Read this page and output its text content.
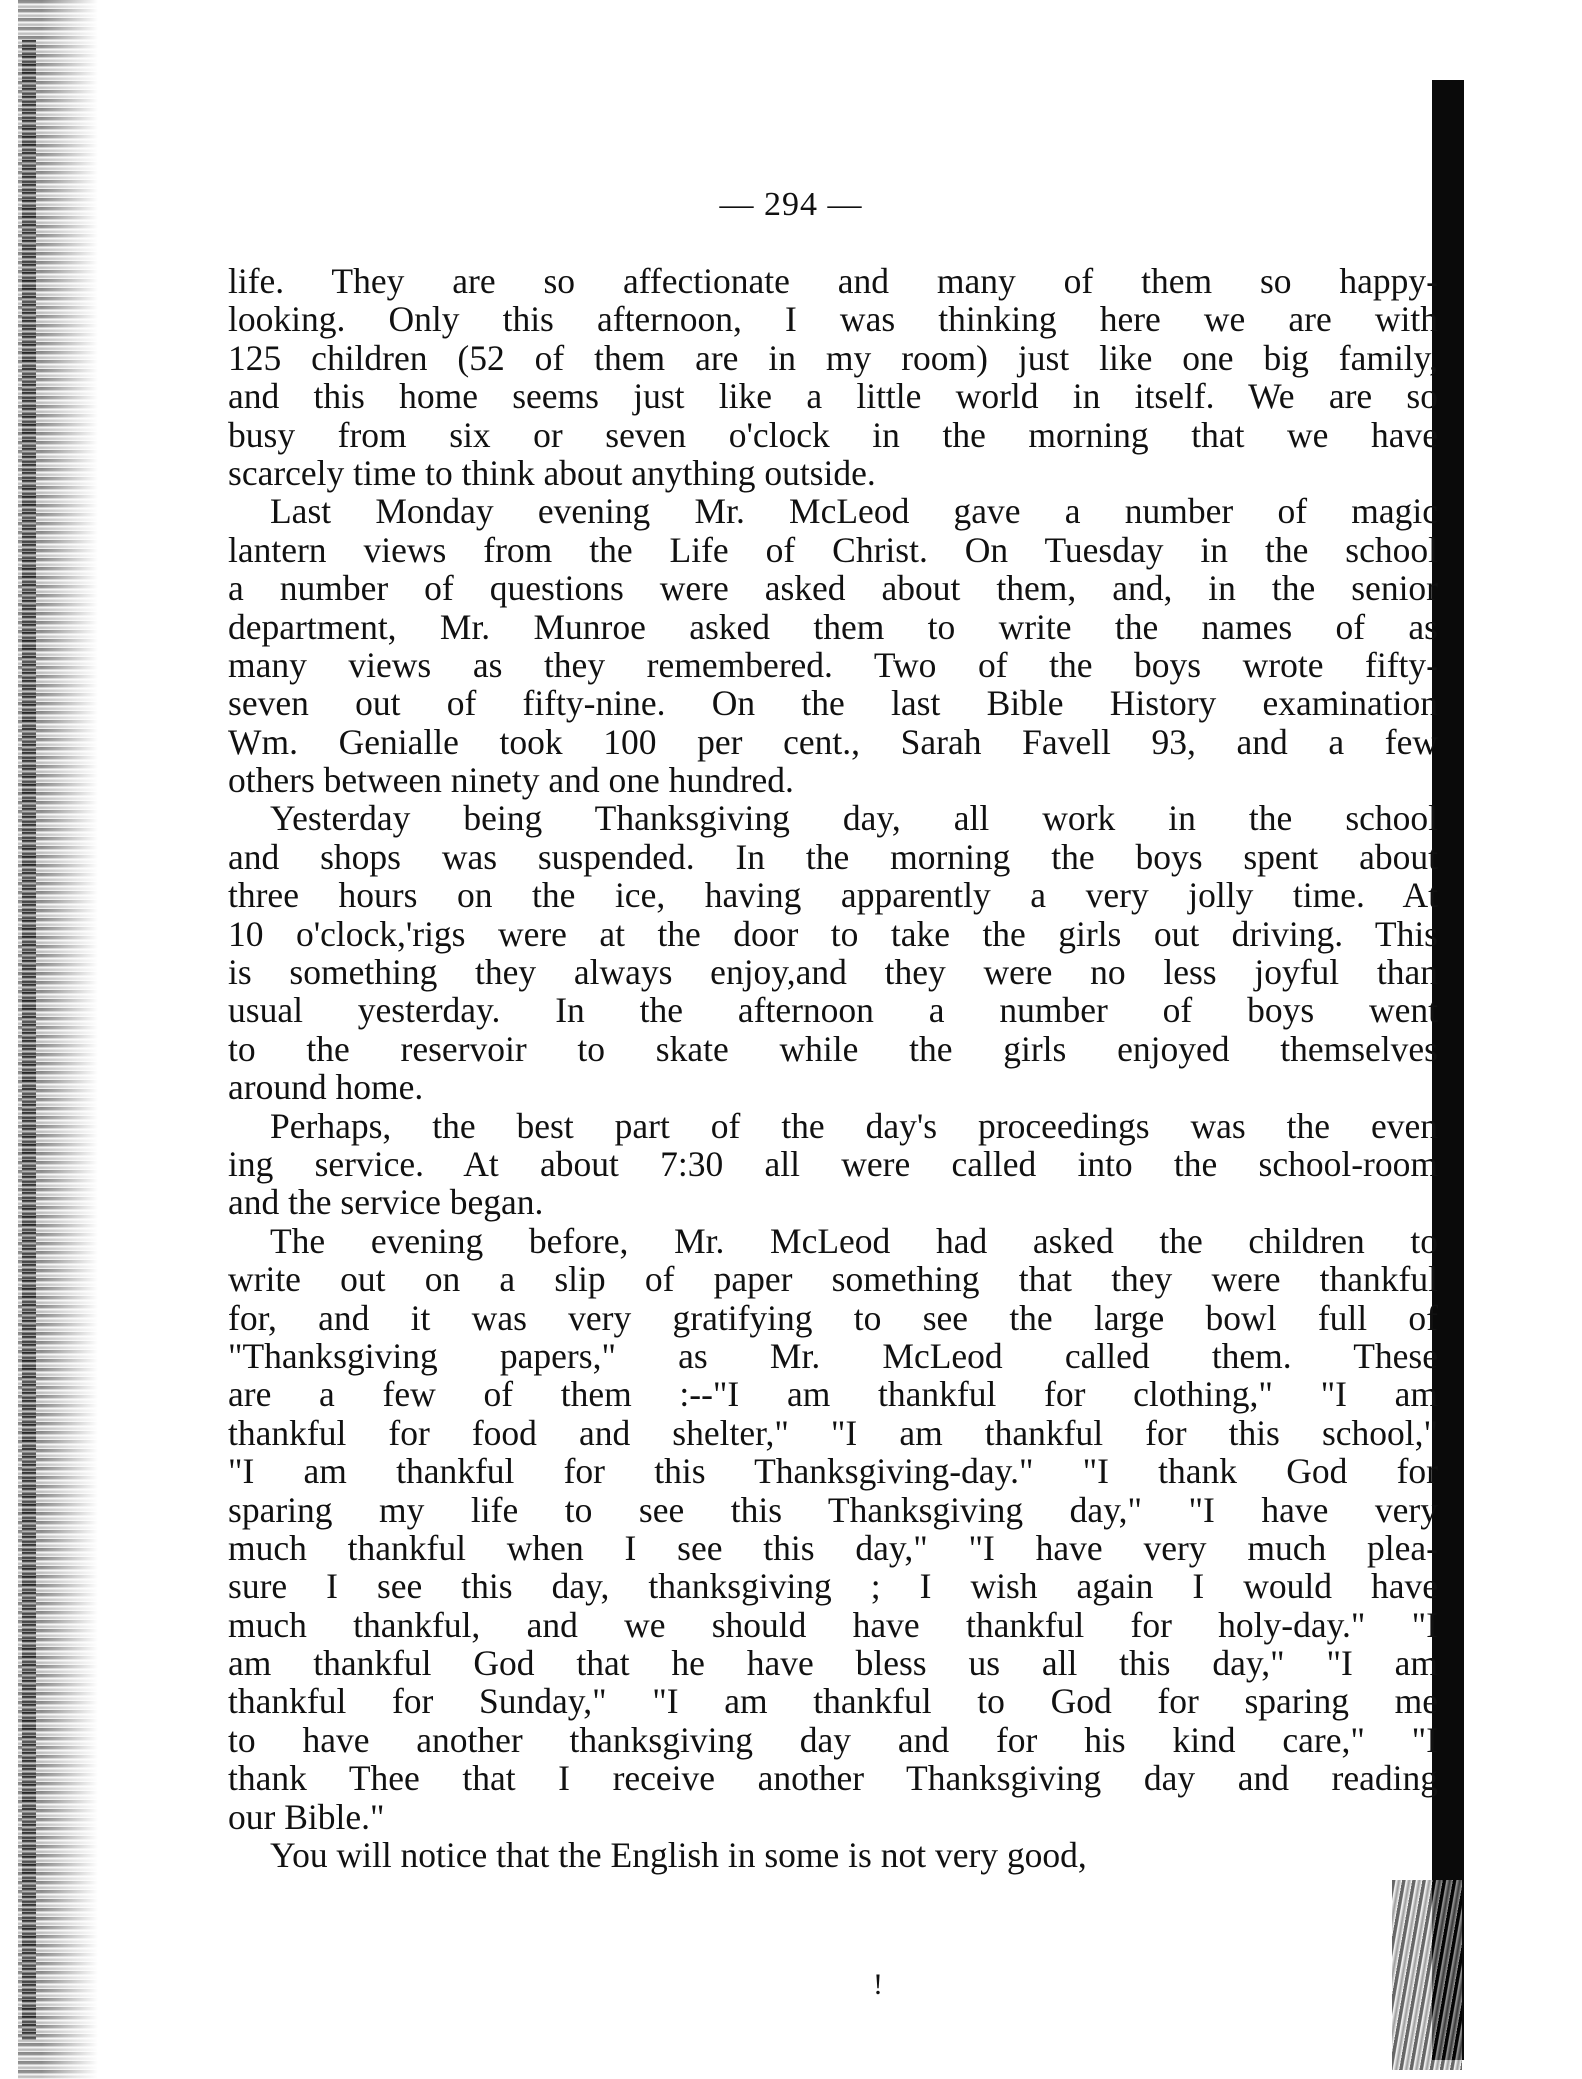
— 294 —
life. They are so affectionate and many of them so happy-
looking. Only this afternoon, I was thinking here we are with
125 children (52 of them are in my room) just like one big family,
and this home seems just like a little world in itself. We are so
busy from six or seven o'clock in the morning that we have
scarcely time to think about anything outside.
Last Monday evening Mr. McLeod gave a number of magic
lantern views from the Life of Christ. On Tuesday in the school
a number of questions were asked about them, and, in the senior
department, Mr. Munroe asked them to write the names of as
many views as they remembered. Two of the boys wrote fifty-
seven out of fifty-nine. On the last Bible History examination
Wm. Genialle took 100 per cent., Sarah Favell 93, and a few
others between ninety and one hundred.
Yesterday being Thanksgiving day, all work in the school
and shops was suspended. In the morning the boys spent about
three hours on the ice, having apparently a very jolly time. At
10 o'clock,'rigs were at the door to take the girls out driving. This
is something they always enjoy,and they were no less joyful than
usual yesterday. In the afternoon a number of boys went
to the reservoir to skate while the girls enjoyed themselves
around home.
Perhaps, the best part of the day's proceedings was the even
ing service. At about 7:30 all were called into the school-room
and the service began.
The evening before, Mr. McLeod had asked the children to
write out on a slip of paper something that they were thankful
for, and it was very gratifying to see the large bowl full of
"Thanksgiving papers," as Mr. McLeod called them. These
are a few of them :--"I am thankful for clothing," "I am
thankful for food and shelter," "I am thankful for this school,"
"I am thankful for this Thanksgiving-day." "I thank God for
sparing my life to see this Thanksgiving day," "I have very
much thankful when I see this day," "I have very much plea-
sure I see this day, thanksgiving ; I wish again I would have
much thankful, and we should have thankful for holy-day." "I
am thankful God that he have bless us all this day," "I am
thankful for Sunday," "I am thankful to God for sparing me
to have another thanksgiving day and for his kind care," "I
thank Thee that I receive another Thanksgiving day and reading
our Bible."
You will notice that the English in some is not very good,
!
